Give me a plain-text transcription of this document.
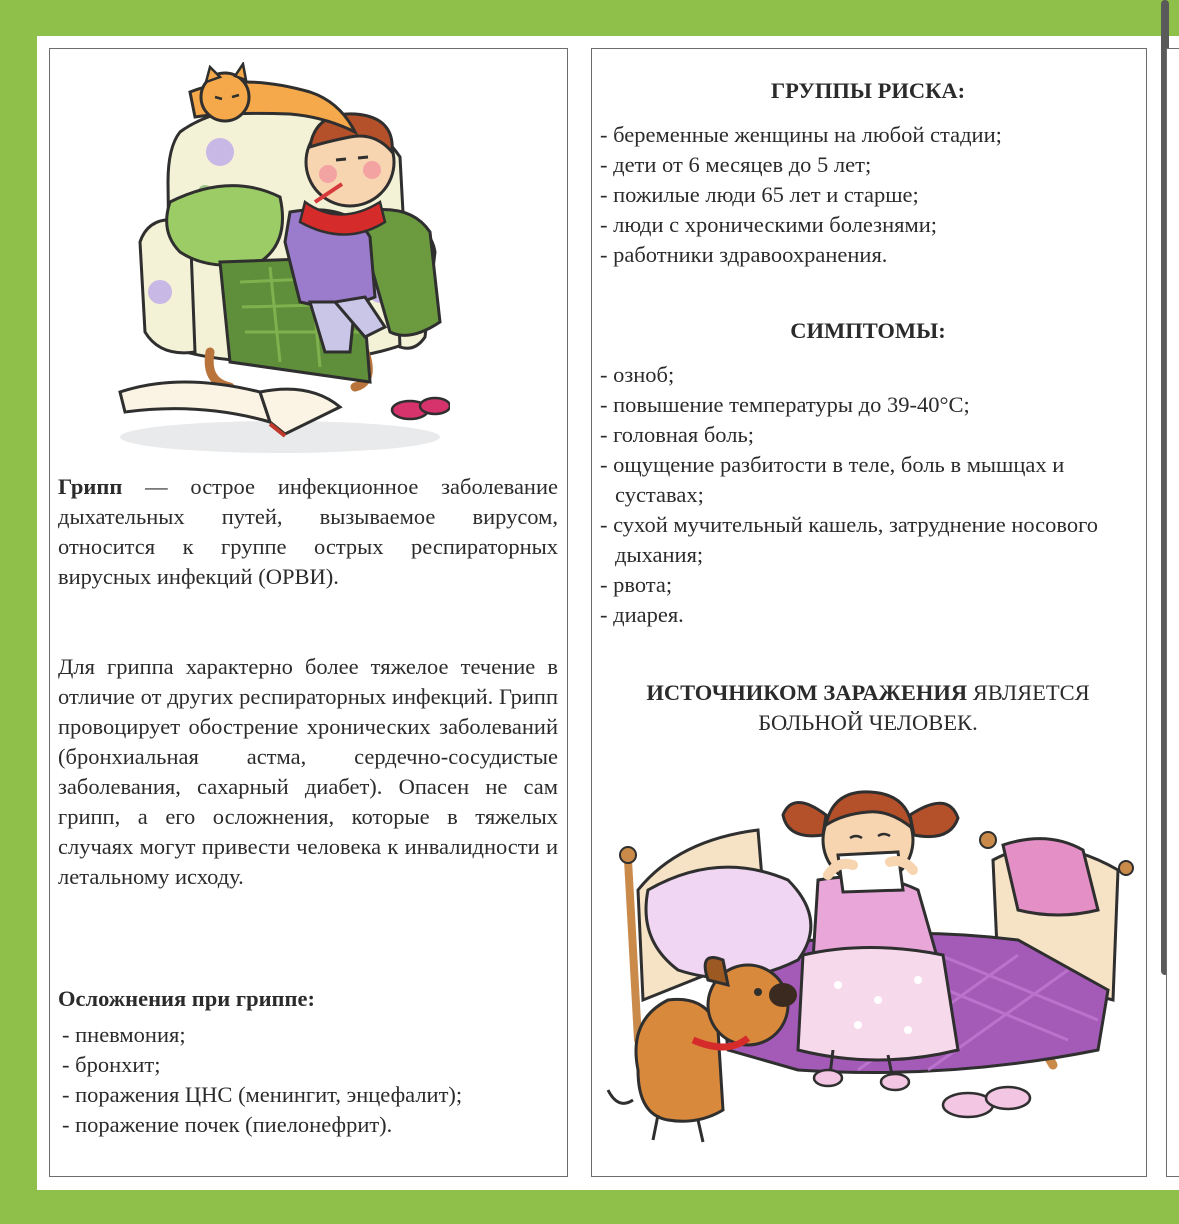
Грипп — острое инфекционное заболевание дыхательных путей, вызываемое вирусом, относится к группе острых респираторных вирусных инфекций (ОРВИ).
Для гриппа характерно более тяжелое течение в отличие от других респираторных инфекций. Грипп провоцирует обострение хронических заболеваний (бронхиальная астма, сердечно-сосудистые заболевания, сахарный диабет). Опасен не сам грипп, а его осложнения, которые в тяжелых случаях могут привести человека к инвалидности и летальному исходу.
Осложнения при гриппе:
- пневмония;
- бронхит;
- поражения ЦНС (менингит, энцефалит);
- поражение почек (пиелонефрит).
ГРУППЫ РИСКА:
- беременные женщины на любой стадии;
- дети от 6 месяцев до 5 лет;
- пожилые люди 65 лет и старше;
- люди с хроническими болезнями;
- работники здравоохранения.
СИМПТОМЫ:
- озноб;
- повышение температуры до 39-40°С;
- головная боль;
- ощущение разбитости в теле, боль в мышцах и суставах;
- сухой мучительный кашель, затруднение носового дыхания;
- рвота;
- диарея.
ИСТОЧНИКОМ ЗАРАЖЕНИЯ ЯВЛЯЕТСЯ БОЛЬНОЙ ЧЕЛОВЕК.
